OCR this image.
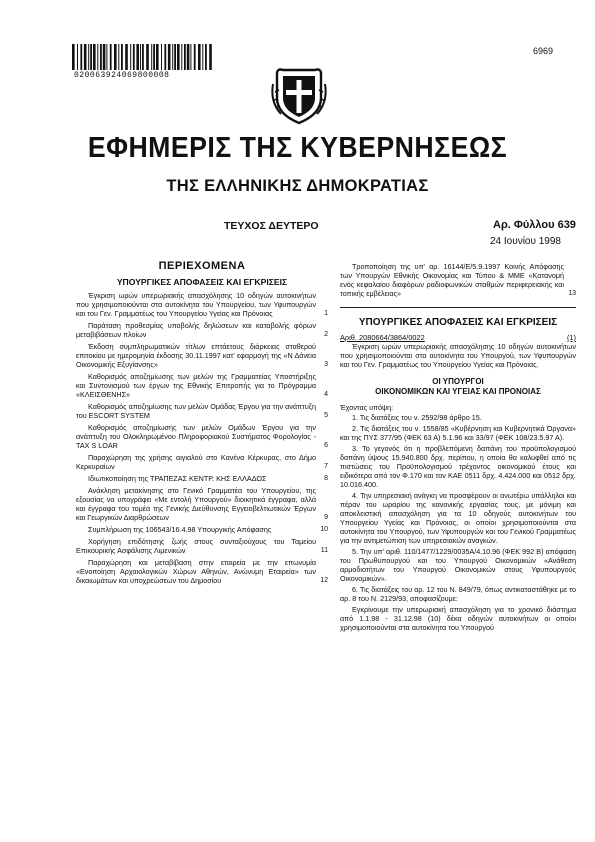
020063924069800008
6969
ΕΦΗΜΕΡΙΣ ΤΗΣ ΚΥΒΕΡΝΗΣΕΩΣ
ΤΗΣ ΕΛΛΗΝΙΚΗΣ ΔΗΜΟΚΡΑΤΙΑΣ
ΤΕΥΧΟΣ ΔΕΥΤΕΡΟ	Αρ. Φύλλου 639
24 Ιουνίου 1998
ΠΕΡΙΕΧΟΜΕΝΑ
ΥΠΟΥΡΓΙΚΕΣ ΑΠΟΦΑΣΕΙΣ ΚΑΙ ΕΓΚΡΙΣΕΙΣ
Έγκριση ωρών υπερωριακής απασχόλησης 10 οδηγών αυτοκινήτων που χρησιμοποιούνται στα αυτοκίνητα του Υπουργείου, των Υφυπουργών και του Γεν. Γραμματέως του Υπουργείου Υγείας και Πρόνοιας	1
Παράταση προθεσμίας υποβολής δηλώσεων και καταβολής φόρων μεταβιβάσεων πλοίων	2
Έκδοση συμπληρωματικών τίτλων επτάετους διάρκειας σταθερού επιτοκίου με ημερομηνία έκδοσης 30.11.1997 κατ' εφαρμογή της «Ν Δάνεια Οικονομικής Εξυγίανσης»	3
Καθορισμός αποζημίωσης των μελών της Γραμματείας Υποστήριξης και Συντονισμού των έργων της Εθνικής Επιτροπής για το Πρόγραμμα «ΚΛΕΙΣΘΕΝΗΣ»	4
Καθορισμός αποζημίωσης των μελών Ομάδας Έργου για την ανάπτυξη του ESCORT SYSTEM	5
Καθορισμός αποζημίωσης των μελών Ομάδων Έργου για την ανάπτυξη του Ολοκληρωμένου Πληροφοριακού Συστήματος Φορολογίας - TAX S LOAR	6
Παραχώρηση της χρήσης αιγιαλού στο Κανένα Κέρκυρας, στο Δήμο Κερκυραίων	7
Ιδιωτικοποίηση της ΤΡΑΠΕΖΑΣ ΚΕΝΤΡ. ΚΗΣ ΕΛΛΑΔΟΣ	8
Ανάκληση μετακίνησης στο Γενικό Γραμματέα του Υπουργείου, της εξουσίας να υπογράφει «Με εντολή Υπουργού» διοικητικά έγγραφα, αλλά και έγγραφα του τομέα της Γενικής Διεύθυνσης Εγγειοβελτιωτικών Έργων και Γεωργικών Διαρθρώσεων	9
Συμπλήρωση της 106543/16.4.98 Υπουργικής Απόφασης	10
Χορήγηση επιδότησης ζωής στους συνταξιούχους του Ταμείου Επικουρικής Ασφάλισης Λιμενικών	11
Παραχώρηση και μεταβίβαση στην εταιρεία με την επωνυμία «Ενοποίηση Αρχαιολογικών Χώρων Αθηνών, Ανώνυμη Εταιρεία» των δικαιωμάτων και υποχρεώσεων του Δημοσίου	12
Τροποποίηση της υπ' αρ. 16144/Ε/5.9.1997 Κοινής Απόφασης των Υπουργών Εθνικής Οικονομίας και Τύπου & ΜΜΕ «Κατανομή ενός κεφαλαίου διαφόρων ραδιοφωνικών σταθμών περιφερειακής και τοπικής εμβέλειας»	13
ΥΠΟΥΡΓΙΚΕΣ ΑΠΟΦΑΣΕΙΣ ΚΑΙ ΕΓΚΡΙΣΕΙΣ
Αριθ. 2080664/3864/0022	(1)
Έγκριση ωρών υπερωριακής απασχόλησης 10 οδηγών αυτοκινήτων που χρησιμοποιούνται στα αυτοκίνητα του Υπουργού, των Υφυπουργών και του Γεν. Γραμματέως του Υπουργείου Υγείας και Πρόνοιας.
ΟΙ ΥΠΟΥΡΓΟΙ
ΟΙΚΟΝΟΜΙΚΩΝ ΚΑΙ ΥΓΕΙΑΣ ΚΑΙ ΠΡΟΝΟΙΑΣ
Έχοντας υπόψη:
1. Τις διατάξεις του ν. 2592/98 άρθρο 15.
2. Τις διατάξεις του ν. 1558/85 «Κυβέρνηση και Κυβερνητικά Όργανα» και της ΠΥΣ 377/95 (ΦΕΚ 63 Α) 5.1.96 και 33/97 (ΦΕΚ 108/23.5.97 Α).
3. Το γεγονός ότι η προβλεπόμενη δαπάνη του προϋπολογισμού δαπάνη ύψους 15.940.800 δρχ. περίπου, η οποία θα καλυφθεί από τις πιστώσεις του Προϋπολογισμού τρέχοντος οικονομικού έτους και ειδικότερα από τον Φ.170 και τον ΚΑΕ 0511 δρχ. 4.424.000 και 0512 δρχ. 10.016.400.
4. Την υπηρεσιακή ανάγκη να προσφέρουν οι ανωτέρω υπάλληλοι και πέραν του ωραρίου της κανονικής εργασίας τους, με μόνιμη και αποκλειστική απασχόληση για τα 10 οδηγούς αυτοκινήτων του Υπουργείου Υγείας και Πρόνοιας, οι οποίοι χρησιμοποιούνται στα αυτοκίνητα του Υπουργού, των Υφυπουργών και του Γενικού Γραμματέως για την αντιμετώπιση των υπηρεσιακών αναγκών.
5. Την υπ' αριθ. 110/1477/1229/0035Α/4.10.96 (ΦΕΚ 992 Β) απόφαση του Πρωθυπουργού και του Υπουργού Οικονομικών «Ανάθεση αρμοδιοτήτων του Υπουργού Οικονομικών στους Υφυπουργούς Οικονομικών».
6. Τις διατάξεις του αρ. 12 του Ν. 849/79, όπως αντικαταστάθηκε με το αρ. 8 του Ν. 2129/93, αποφασίζουμε:
Εγκρίνουμε την υπερωριακή απασχόληση για το χρονικό διάστημα από 1.1.98 - 31.12.98 (10) δέκα οδηγών αυτοκινήτων οι οποίοι χρησιμοποιούνται στα αυτοκίνητα του Υπουργού
